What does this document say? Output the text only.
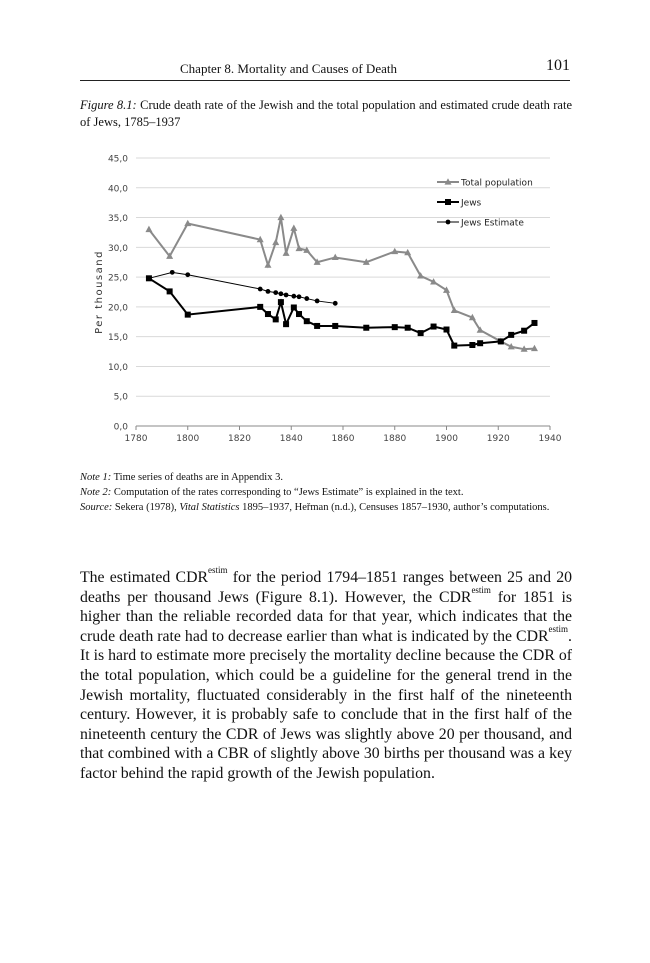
Chapter 8. Mortality and Causes of Death	101
Figure 8.1: Crude death rate of the Jewish and the total population and estimated crude death rate of Jews, 1785–1937
0,0
5,0
10,0
15,0
20,0
25,0
30,0
35,0
40,0
45,0
1780	1800	1820	1840	1860	1880	1900	1920	1940
Per thousand
Total population
Jews
Jews Estimate

Note 1: Time series of deaths are in Appendix 3.

Note 2: Computation of the rates corresponding to “Jews Estimate” is explained in the text.

Source: Sekera (1978), Vital Statistics 1895–1937, Heřman (n.d.), Censuses 1857–1930, author’s computations.

The estimated $CDR^{estim}$ for the period 1794–1851 ranges between 25 and 20 deaths per thousand Jews (Figure 8.1). However, the $CDR^{estim}$ for 1851 is higher than the reliable recorded data for that year, which indicates that the crude death rate had to decrease earlier than what is indicated by the $CDR^{estim}$. It is hard to estimate more precisely the mortality decline because the CDR of the total population, which could be a guideline for the general trend in the Jewish mortality, fluctuated considerably in the first half of the nineteenth century. However, it is probably safe to conclude that in the first half of the nineteenth century the CDR of Jews was slightly above 20 per thousand, and that combined with a CBR of slightly above 30 births per thousand was a key factor behind the rapid growth of the Jewish population.
